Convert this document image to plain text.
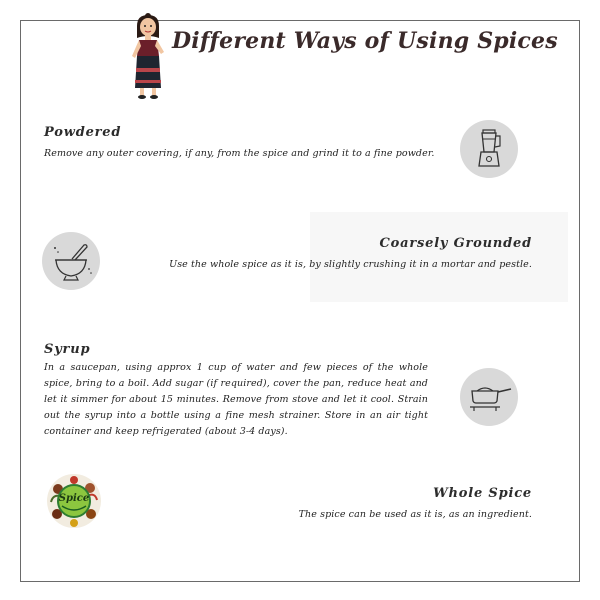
Different Ways of Using Spices
Powdered
Remove any outer covering, if any, from the spice and grind it to a fine powder.
Coarsely Grounded
Use the whole spice as it is, by slightly crushing it in a mortar and pestle.
Syrup
In a saucepan, using approx 1 cup of water and few pieces of the whole spice, bring to a boil. Add sugar (if required), cover the pan, reduce heat and let it simmer for about 15 minutes. Remove from stove and let it cool. Strain out the syrup into a bottle using a fine mesh strainer. Store in an air tight container and keep refrigerated (about 3-4 days).
Spice	Whole Spice
The spice can be used as it is, as an ingredient.
